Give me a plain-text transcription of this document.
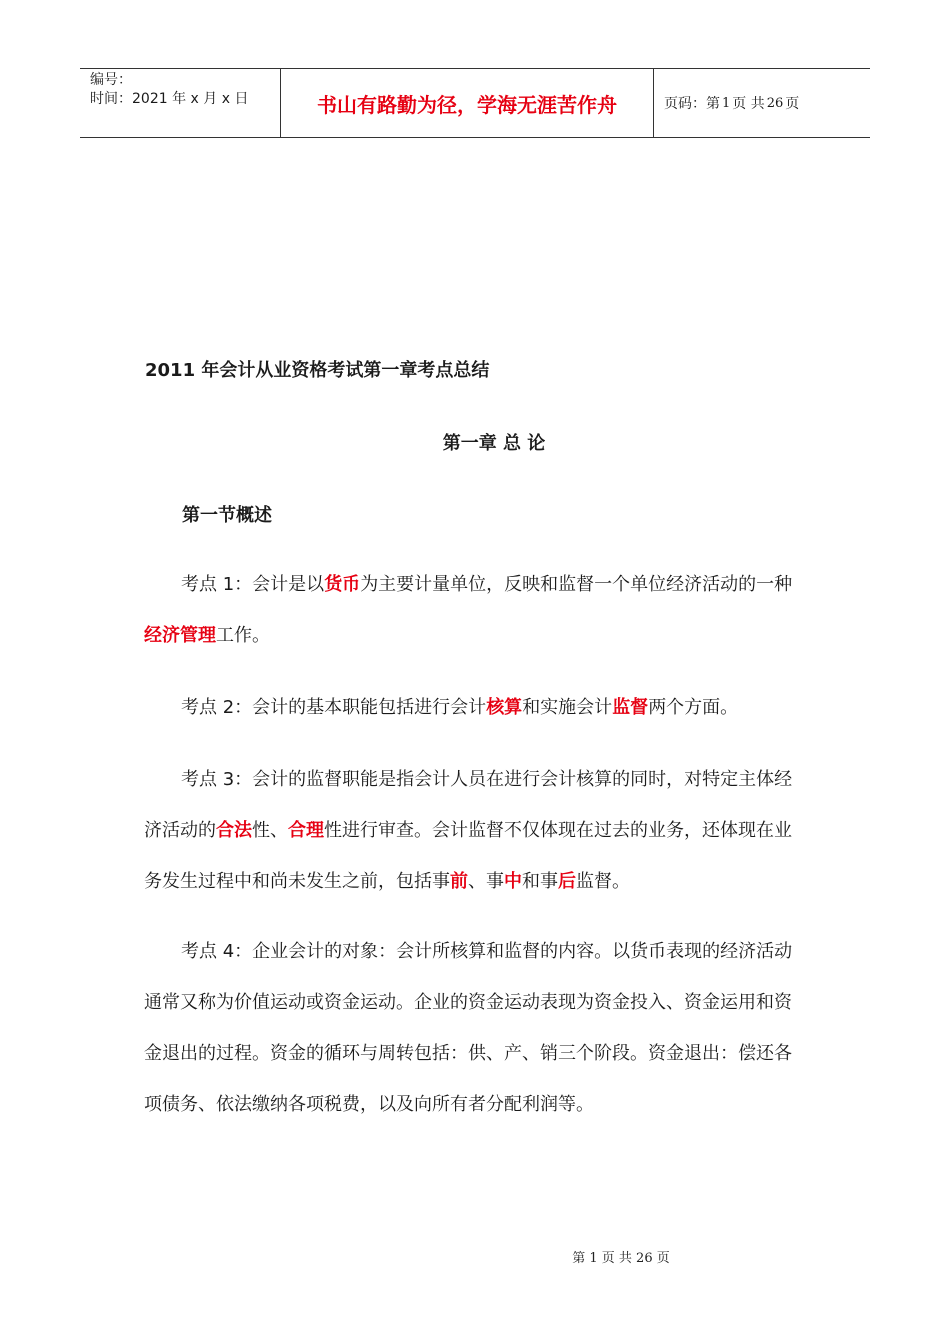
编号：
时间：2021 年 x 月 x 日	书山有路勤为径，学海无涯苦作舟	页码：第 1 页 共 26 页
2011 年会计从业资格考试第一章考点总结
第一章 总 论
第一节概述
考点 1：会计是以货币为主要计量单位，反映和监督一个单位经济活动的一种经济管理工作。
考点 2：会计的基本职能包括进行会计核算和实施会计监督两个方面。
考点 3：会计的监督职能是指会计人员在进行会计核算的同时，对特定主体经济活动的合法性、合理性进行审查。会计监督不仅体现在过去的业务，还体现在业务发生过程中和尚未发生之前，包括事前、事中和事后监督。
考点 4：企业会计的对象：会计所核算和监督的内容。以货币表现的经济活动通常又称为价值运动或资金运动。企业的资金运动表现为资金投入、资金运用和资金退出的过程。资金的循环与周转包括：供、产、销三个阶段。资金退出：偿还各项债务、依法缴纳各项税费，以及向所有者分配利润等。
第 1 页 共 26 页
